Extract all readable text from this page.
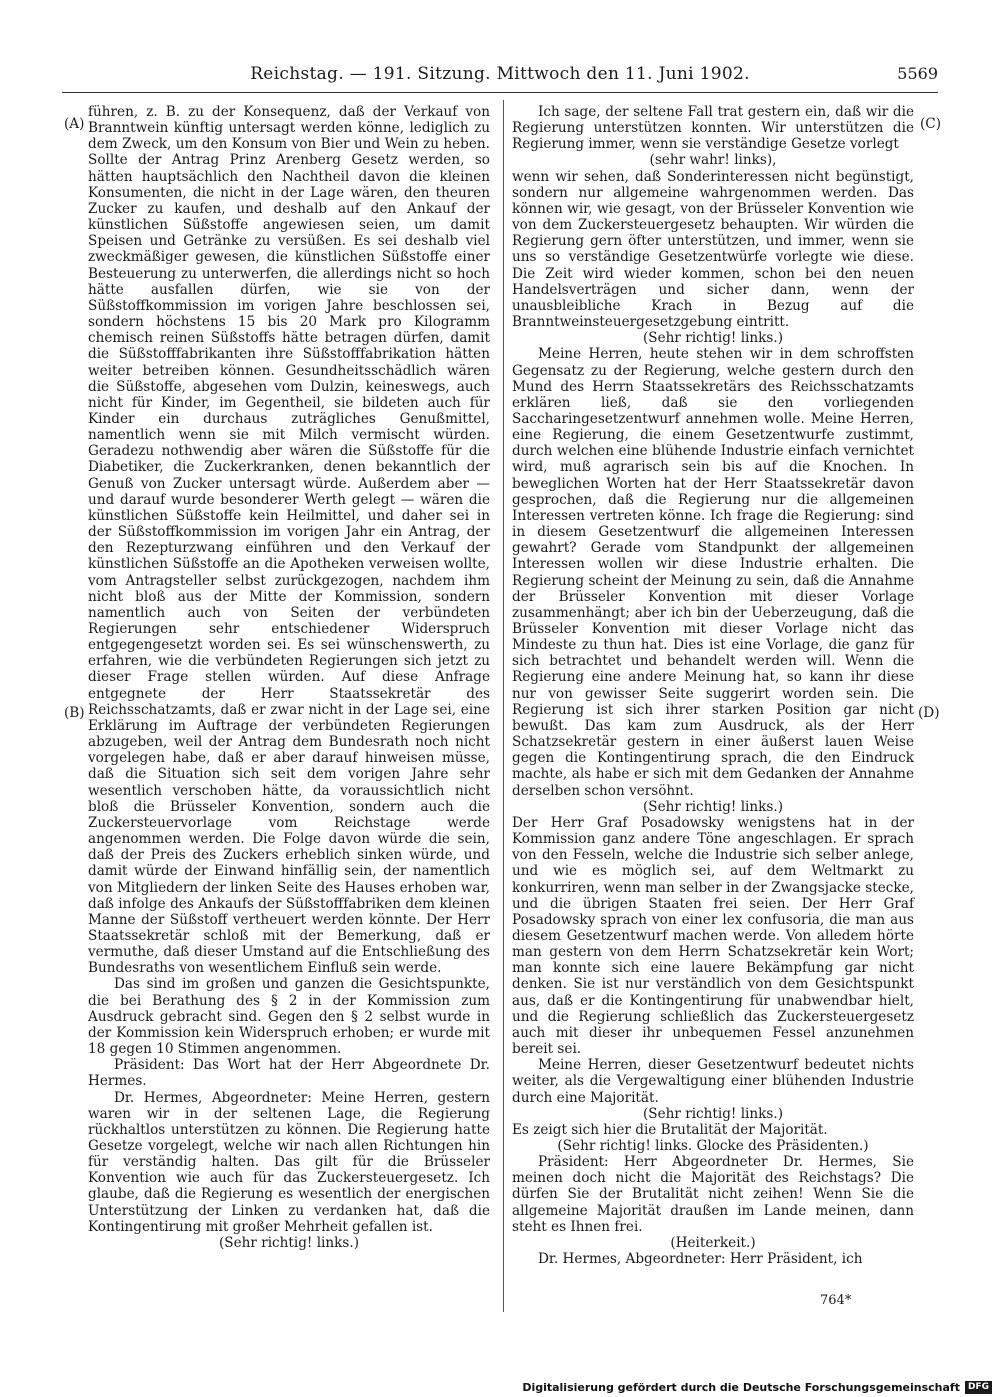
Reichstag. — 191. Sitzung. Mittwoch den 11. Juni 1902.	5569
(A)
(B)
(C)
(D)

führen, z. B. zu der Konsequenz, daß der Verkauf von Branntwein künftig untersagt werden könne, lediglich zu dem Zweck, um den Konsum von Bier und Wein zu heben. Sollte der Antrag Prinz Arenberg Gesetz werden, so hätten hauptsächlich den Nachtheil davon die kleinen Konsumenten, die nicht in der Lage wären, den theuren Zucker zu kaufen, und deshalb auf den Ankauf der künstlichen Süßstoffe angewiesen seien, um damit Speisen und Getränke zu versüßen. Es sei deshalb viel zweckmäßiger gewesen, die künstlichen Süßstoffe einer Besteuerung zu unterwerfen, die allerdings nicht so hoch hätte ausfallen dürfen, wie sie von der Süßstoffkommission im vorigen Jahre beschlossen sei, sondern höchstens 15 bis 20 Mark pro Kilogramm chemisch reinen Süßstoffs hätte betragen dürfen, damit die Süßstofffabrikanten ihre Süßstofffabrikation hätten weiter betreiben können. Gesundheitsschädlich wären die Süßstoffe, abgesehen vom Dulzin, keineswegs, auch nicht für Kinder, im Gegentheil, sie bildeten auch für Kinder ein durchaus zuträgliches Genußmittel, namentlich wenn sie mit Milch vermischt würden. Geradezu nothwendig aber wären die Süßstoffe für die Diabetiker, die Zuckerkranken, denen bekanntlich der Genuß von Zucker untersagt würde. Außerdem aber — und darauf wurde besonderer Werth gelegt — wären die künstlichen Süßstoffe kein Heilmittel, und daher sei in der Süßstoffkommission im vorigen Jahr ein Antrag, der den Rezepturzwang einführen und den Verkauf der künstlichen Süßstoffe an die Apotheken verweisen wollte, vom Antragsteller selbst zurückgezogen, nachdem ihm nicht bloß aus der Mitte der Kommission, sondern namentlich auch von Seiten der verbündeten Regierungen sehr entschiedener Widerspruch entgegengesetzt worden sei. Es sei wünschenswerth, zu erfahren, wie die verbündeten Regierungen sich jetzt zu dieser Frage stellen würden. Auf diese Anfrage entgegnete der Herr Staatssekretär des Reichsschatzamts, daß er zwar nicht in der Lage sei, eine Erklärung im Auftrage der verbündeten Regierungen abzugeben, weil der Antrag dem Bundesrath noch nicht vorgelegen habe, daß er aber darauf hinweisen müsse, daß die Situation sich seit dem vorigen Jahre sehr wesentlich verschoben hätte, da voraussichtlich nicht bloß die Brüsseler Konvention, sondern auch die Zuckersteuervorlage vom Reichstage werde angenommen werden. Die Folge davon würde die sein, daß der Preis des Zuckers erheblich sinken würde, und damit würde der Einwand hinfällig sein, der namentlich von Mitgliedern der linken Seite des Hauses erhoben war, daß infolge des Ankaufs der Süßstofffabriken dem kleinen Manne der Süßstoff vertheuert werden könnte. Der Herr Staatssekretär schloß mit der Bemerkung, daß er vermuthe, daß dieser Umstand auf die Entschließung des Bundesraths von wesentlichem Einfluß sein werde.

Das sind im großen und ganzen die Gesichtspunkte, die bei Berathung des § 2 in der Kommission zum Ausdruck gebracht sind. Gegen den § 2 selbst wurde in der Kommission kein Widerspruch erhoben; er wurde mit 18 gegen 10 Stimmen angenommen.

Präsident: Das Wort hat der Herr Abgeordnete Dr. Hermes.

Dr. Hermes, Abgeordneter: Meine Herren, gestern waren wir in der seltenen Lage, die Regierung rückhaltlos unterstützen zu können. Die Regierung hatte Gesetze vorgelegt, welche wir nach allen Richtungen hin für verständig halten. Das gilt für die Brüsseler Konvention wie auch für das Zuckersteuergesetz. Ich glaube, daß die Regierung es wesentlich der energischen Unterstützung der Linken zu verdanken hat, daß die Kontingentirung mit großer Mehrheit gefallen ist.

(Sehr richtig! links.)

Ich sage, der seltene Fall trat gestern ein, daß wir die Regierung unterstützen konnten. Wir unterstützen die Regierung immer, wenn sie verständige Gesetze vorlegt

(sehr wahr! links),

wenn wir sehen, daß Sonderinteressen nicht begünstigt, sondern nur allgemeine wahrgenommen werden. Das können wir, wie gesagt, von der Brüsseler Konvention wie von dem Zuckersteuergesetz behaupten. Wir würden die Regierung gern öfter unterstützen, und immer, wenn sie uns so verständige Gesetzentwürfe vorlegte wie diese. Die Zeit wird wieder kommen, schon bei den neuen Handelsverträgen und sicher dann, wenn der unausbleibliche Krach in Bezug auf die Branntweinsteuergesetzgebung eintritt.

(Sehr richtig! links.)

Meine Herren, heute stehen wir in dem schroffsten Gegensatz zu der Regierung, welche gestern durch den Mund des Herrn Staatssekretärs des Reichsschatzamts erklären ließ, daß sie den vorliegenden Saccharingesetzentwurf annehmen wolle. Meine Herren, eine Regierung, die einem Gesetzentwurfe zustimmt, durch welchen eine blühende Industrie einfach vernichtet wird, muß agrarisch sein bis auf die Knochen. In beweglichen Worten hat der Herr Staatssekretär davon gesprochen, daß die Regierung nur die allgemeinen Interessen vertreten könne. Ich frage die Regierung: sind in diesem Gesetzentwurf die allgemeinen Interessen gewahrt? Gerade vom Standpunkt der allgemeinen Interessen wollen wir diese Industrie erhalten. Die Regierung scheint der Meinung zu sein, daß die Annahme der Brüsseler Konvention mit dieser Vorlage zusammenhängt; aber ich bin der Ueberzeugung, daß die Brüsseler Konvention mit dieser Vorlage nicht das Mindeste zu thun hat. Dies ist eine Vorlage, die ganz für sich betrachtet und behandelt werden will. Wenn die Regierung eine andere Meinung hat, so kann ihr diese nur von gewisser Seite suggerirt worden sein. Die Regierung ist sich ihrer starken Position gar nicht bewußt. Das kam zum Ausdruck, als der Herr Schatzsekretär gestern in einer äußerst lauen Weise gegen die Kontingentirung sprach, die den Eindruck machte, als habe er sich mit dem Gedanken der Annahme derselben schon versöhnt.

(Sehr richtig! links.)

Der Herr Graf Posadowsky wenigstens hat in der Kommission ganz andere Töne angeschlagen. Er sprach von den Fesseln, welche die Industrie sich selber anlege, und wie es möglich sei, auf dem Weltmarkt zu konkurriren, wenn man selber in der Zwangsjacke stecke, und die übrigen Staaten frei seien. Der Herr Graf Posadowsky sprach von einer lex confusoria, die man aus diesem Gesetzentwurf machen werde. Von alledem hörte man gestern von dem Herrn Schatzsekretär kein Wort; man konnte sich eine lauere Bekämpfung gar nicht denken. Sie ist nur verständlich von dem Gesichtspunkt aus, daß er die Kontingentirung für unabwendbar hielt, und die Regierung schließlich das Zuckersteuergesetz auch mit dieser ihr unbequemen Fessel anzunehmen bereit sei.

Meine Herren, dieser Gesetzentwurf bedeutet nichts weiter, als die Vergewaltigung einer blühenden Industrie durch eine Majorität.

(Sehr richtig! links.)

Es zeigt sich hier die Brutalität der Majorität.

(Sehr richtig! links. Glocke des Präsidenten.)

Präsident: Herr Abgeordneter Dr. Hermes, Sie meinen doch nicht die Majorität des Reichstags? Die dürfen Sie der Brutalität nicht zeihen! Wenn Sie die allgemeine Majorität draußen im Lande meinen, dann steht es Ihnen frei.

(Heiterkeit.)

Dr. Hermes, Abgeordneter: Herr Präsident, ich

764*
Digitalisierung gefördert durch die Deutsche Forschungsgemeinschaft DFG
